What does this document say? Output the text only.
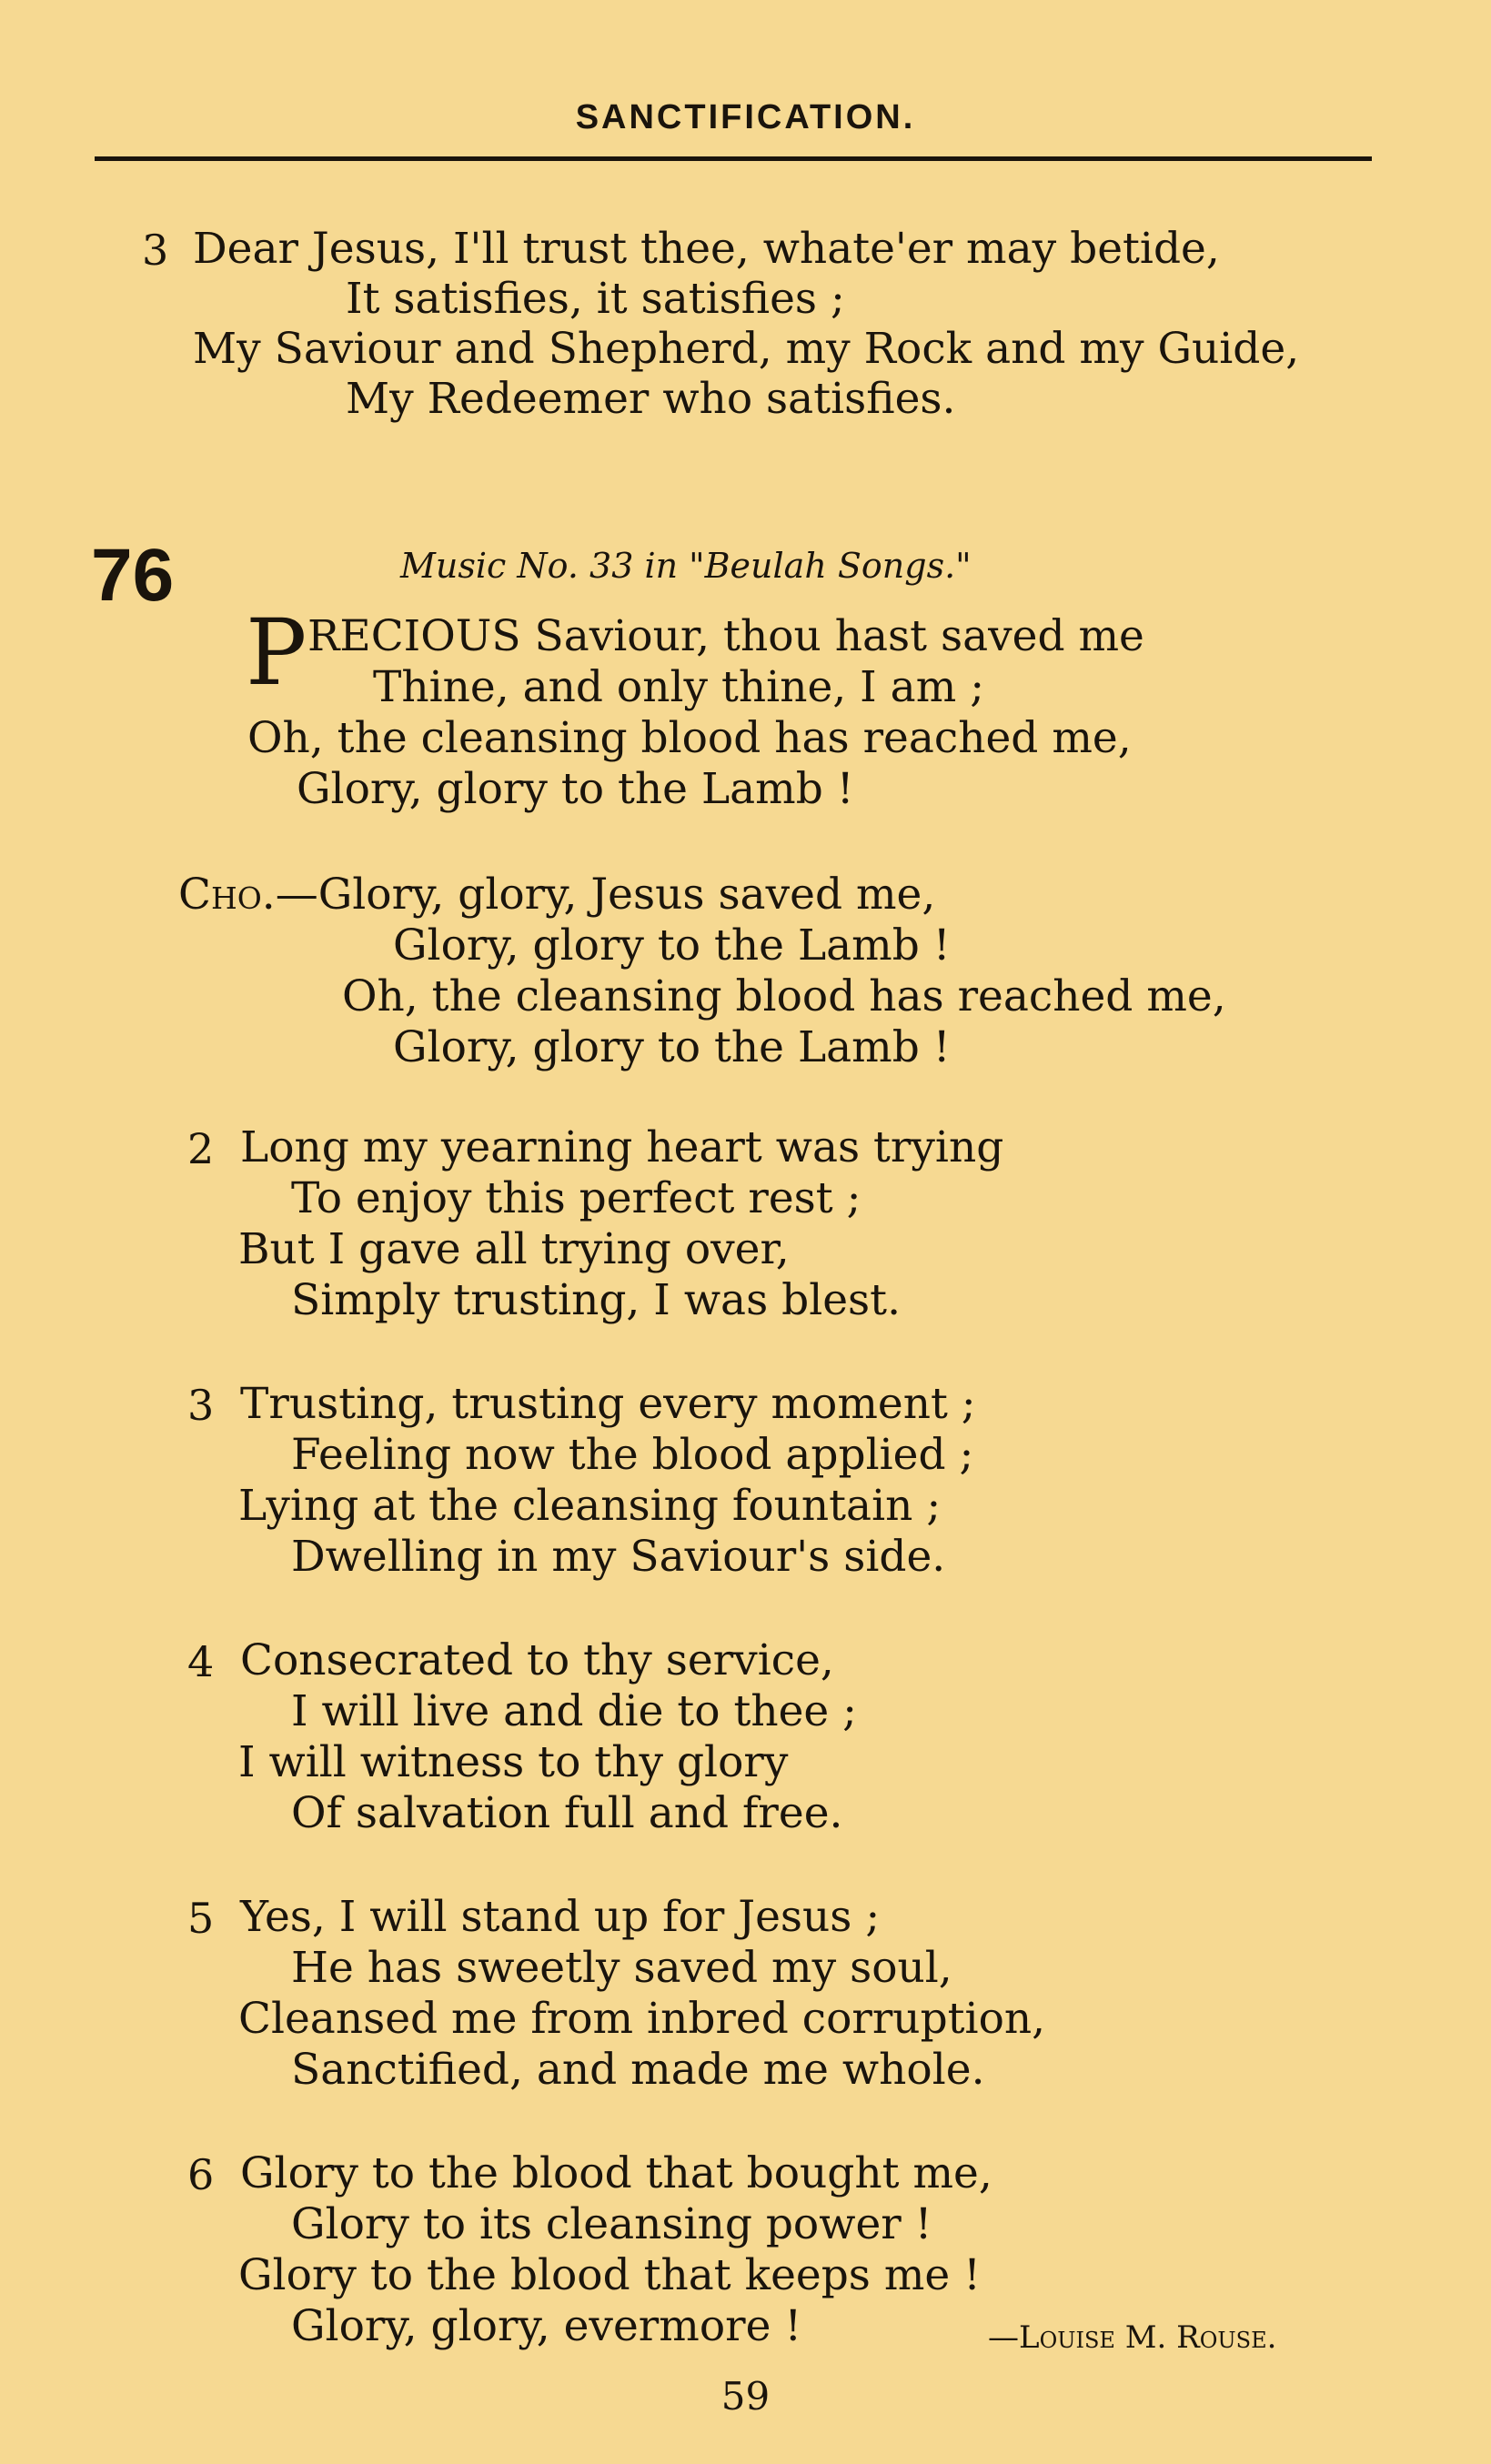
SANCTIFICATION.
3 Dear Jesus, I'll trust thee, whate'er may betide,
It satisfies, it satisfies ;
My Saviour and Shepherd, my Rock and my Guide,
My Redeemer who satisfies.
76	Music No. 33 in "Beulah Songs."
P RECIOUS Saviour, thou hast saved me
Thine, and only thine, I am ;
Oh, the cleansing blood has reached me,
Glory, glory to the Lamb !
Cho.—Glory, glory, Jesus saved me,
Glory, glory to the Lamb !
Oh, the cleansing blood has reached me,
Glory, glory to the Lamb !
2 Long my yearning heart was trying
To enjoy this perfect rest ;
But I gave all trying over,
Simply trusting, I was blest.
3 Trusting, trusting every moment ;
Feeling now the blood applied ;
Lying at the cleansing fountain ;
Dwelling in my Saviour's side.
4 Consecrated to thy service,
I will live and die to thee ;
I will witness to thy glory
Of salvation full and free.
5 Yes, I will stand up for Jesus ;
He has sweetly saved my soul,
Cleansed me from inbred corruption,
Sanctified, and made me whole.
6 Glory to the blood that bought me,
Glory to its cleansing power !
Glory to the blood that keeps me !
Glory, glory, evermore !	—Louise M. Rouse.
59
